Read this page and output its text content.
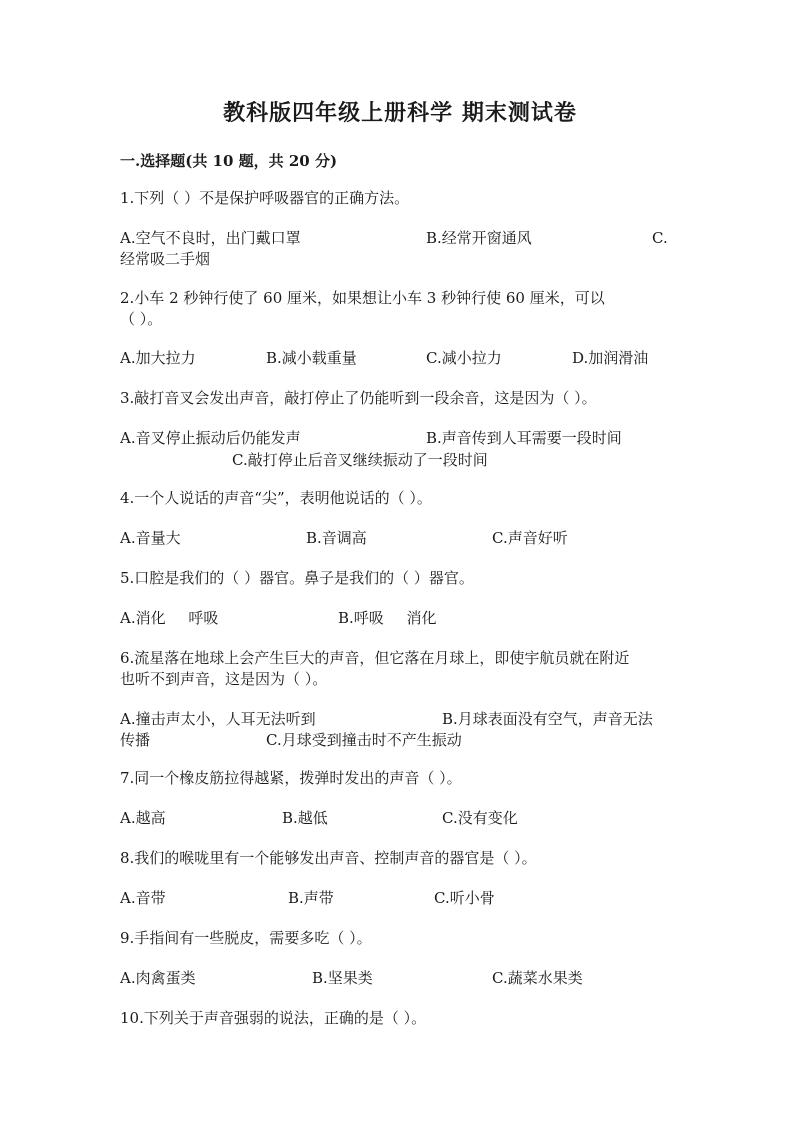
教科版四年级上册科学 期末测试卷
一.选择题(共 10 题，共 20 分)
1.下列（ ）不是保护呼吸器官的正确方法。
A.空气不良时，出门戴口罩	B.经常开窗通风	C.
经常吸二手烟
2.小车 2 秒钟行使了 60 厘米，如果想让小车 3 秒钟行使 60 厘米，可以
（ ）。
A.加大拉力	B.减小载重量	C.减小拉力	D.加润滑油
3.敲打音叉会发出声音，敲打停止了仍能听到一段余音，这是因为（ ）。
A.音叉停止振动后仍能发声	B.声音传到人耳需要一段时间
C.敲打停止后音叉继续振动了一段时间
4.一个人说话的声音“尖”，表明他说话的（ ）。
A.音量大	B.音调高	C.声音好听
5.口腔是我们的（ ）器官。鼻子是我们的（ ）器官。
A.消化 呼吸	B.呼吸 消化
6.流星落在地球上会产生巨大的声音，但它落在月球上，即使宇航员就在附近
也听不到声音，这是因为（ ）。
A.撞击声太小，人耳无法听到	B.月球表面没有空气，声音无法
传播	C.月球受到撞击时不产生振动
7.同一个橡皮筋拉得越紧，拨弹时发出的声音（ ）。
A.越高	B.越低	C.没有变化
8.我们的喉咙里有一个能够发出声音、控制声音的器官是（ ）。
A.音带	B.声带	C.听小骨
9.手指间有一些脱皮，需要多吃（ ）。
A.肉禽蛋类	B.坚果类	C.蔬菜水果类
10.下列关于声音强弱的说法，正确的是（ ）。
